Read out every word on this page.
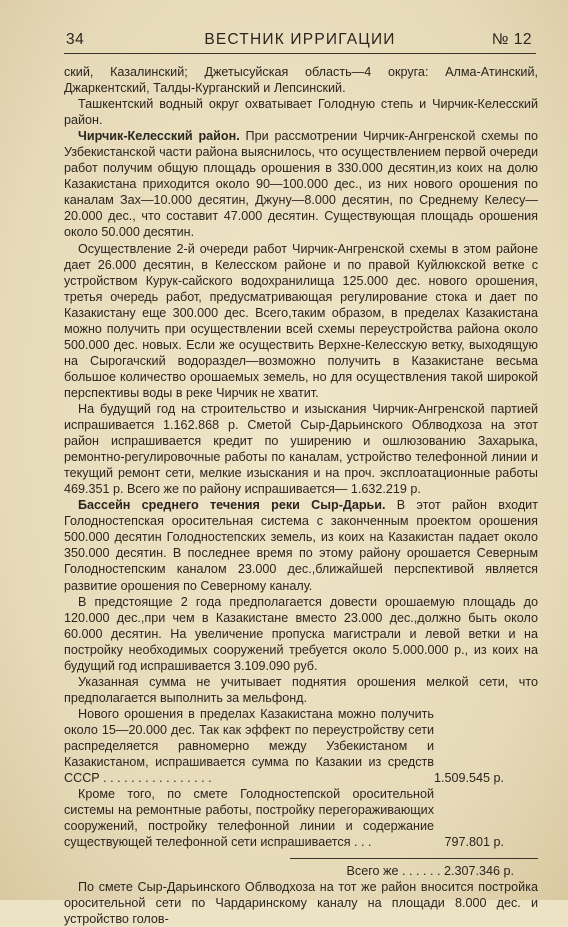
34	ВЕСТНИК ИРРИГАЦИИ	№ 12

ский, Казалинский; Джетысуйская область—4 округа: Алма-Атинский, Джаркентский, Талды-Курганский и Лепсинский.

Ташкентский водный округ охватывает Голодную степь и Чирчик-Келесский район.

Чирчик-Келесский район. При рассмотрении Чирчик-Ангренской схемы по Узбекистанской части района выяснилось, что осуществлением первой очереди работ получим общую площадь орошения в 330.000 десятин,из коих на долю Казакистана приходится около 90—100.000 дес., из них нового орошения по каналам Зах—10.000 десятин, Джуну—8.000 десятин, по Среднему Келесу—20.000 дес., что составит 47.000 десятин. Существующая площадь орошения около 50.000 десятин.

Осуществление 2-й очереди работ Чирчик-Ангренской схемы в этом районе дает 26.000 десятин, в Келесском районе и по правой Куйлюкской ветке с устройством Курук-сайского водохранилища 125.000 дес. нового орошения, третья очередь работ, предусматривающая регулирование стока и дает по Казакистану еще 300.000 дес. Всего,таким образом, в пределах Казакистана можно получить при осуществлении всей схемы переустройства района около 500.000 дес. новых. Если же осуществить Верхне-Келесскую ветку, выходящую на Сырогачский водораздел—возможно получить в Казакистане весьма большое количество орошаемых земель, но для осуществления такой широкой перспективы воды в реке Чирчик не хватит.

На будущий год на строительство и изыскания Чирчик-Ангренской партией испрашивается 1.162.868 р. Сметой Сыр-Дарьинского Облводхоза на этот район испрашивается кредит по уширению и ошлюзованию Захарыка, ремонтно-регулировочные работы по каналам, устройство телефонной линии и текущий ремонт сети, мелкие изыскания и на проч. эксплоатационные работы 469.351 р. Всего же по району испрашивается— 1.632.219 р.

Бассейн среднего течения реки Сыр-Дарьи. В этот район входит Голодностепская оросительная система с законченным проектом орошения 500.000 десятин Голодностепских земель, из коих на Казакистан падает около 350.000 десятин. В последнее время по этому району орошается Северным Голодностепским каналом 23.000 дес.,ближайшей перспективой является развитие орошения по Северному каналу.

В предстоящие 2 года предполагается довести орошаемую площадь до 120.000 дес.,при чем в Казакистане вместо 23.000 дес.,должно быть около 60.000 десятин. На увеличение пропуска магистрали и левой ветки и на постройку необходимых сооружений требуется около 5.000.000 р., из коих на будущий год испрашивается 3.109.090 руб.

Указанная сумма не учитывает поднятия орошения мелкой сети, что предполагается выполнить за мельфонд.

Нового орошения в пределах Казакистана можно получить около 15—20.000 дес. Так как эффект по переустройству сети распределяется равномерно между Узбекистаном и Казакистаном, испрашивается сумма по Казакии из средств СССР . . . . . . . . . . . . . . . .	1.509.545 р.

Кроме того, по смете Голодностепской оросительной системы на ремонтные работы, постройку перегораживающих сооружений, постройку телефонной линии и содержание существующей телефонной сети испрашивается . . .	797.801 р.

Всего же . . . . . . 2.307.346 р.

По смете Сыр-Дарьинского Облводхоза на тот же район вносится постройка оросительной сети по Чардаринскому каналу на площади 8.000 дес. и устройство голов-
